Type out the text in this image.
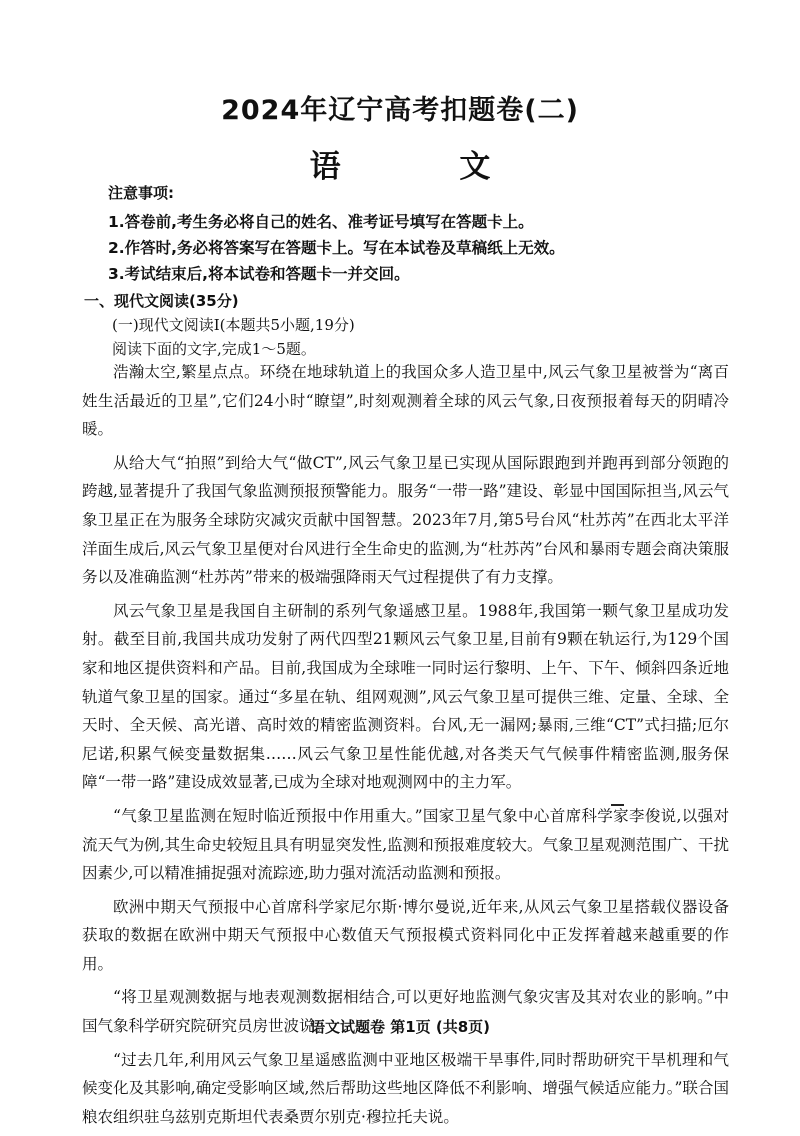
2024年辽宁高考扣题卷(二)
语 文
注意事项:
1.答卷前,考生务必将自己的姓名、准考证号填写在答题卡上。
2.作答时,务必将答案写在答题卡上。写在本试卷及草稿纸上无效。
3.考试结束后,将本试卷和答题卡一并交回。
一、现代文阅读(35分)
(一)现代文阅读Ⅰ(本题共5小题,19分)
阅读下面的文字,完成1～5题。

浩瀚太空,繁星点点。环绕在地球轨道上的我国众多人造卫星中,风云气象卫星被誉为“离百姓生活最近的卫星”,它们24小时“瞭望”,时刻观测着全球的风云气象,日夜预报着每天的阴晴冷暖。

从给大气“拍照”到给大气“做CT”,风云气象卫星已实现从国际跟跑到并跑再到部分领跑的跨越,显著提升了我国气象监测预报预警能力。服务“一带一路”建设、彰显中国国际担当,风云气象卫星正在为服务全球防灾减灾贡献中国智慧。2023年7月,第5号台风“杜苏芮”在西北太平洋洋面生成后,风云气象卫星便对台风进行全生命史的监测,为“杜苏芮”台风和暴雨专题会商决策服务以及准确监测“杜苏芮”带来的极端强降雨天气过程提供了有力支撑。

风云气象卫星是我国自主研制的系列气象遥感卫星。1988年,我国第一颗气象卫星成功发射。截至目前,我国共成功发射了两代四型21颗风云气象卫星,目前有9颗在轨运行,为129个国家和地区提供资料和产品。目前,我国成为全球唯一同时运行黎明、上午、下午、倾斜四条近地轨道气象卫星的国家。通过“多星在轨、组网观测”,风云气象卫星可提供三维、定量、全球、全天时、全天候、高光谱、高时效的精密监测资料。台风,无一漏网;暴雨,三维“CT”式扫描;厄尔尼诺,积累气候变量数据集……风云气象卫星性能优越,对各类天气气候事件精密监测,服务保障“一带一路”建设成效显著,已成为全球对地观测网中的主力军。

“气象卫星监测在短时临近预报中作用重大。”国家卫星气象中心首席科学家李俊说,以强对流天气为例,其生命史较短且具有明显突发性,监测和预报难度较大。气象卫星观测范围广、干扰因素少,可以精准捕捉强对流踪迹,助力强对流活动监测和预报。

欧洲中期天气预报中心首席科学家尼尔斯·博尔曼说,近年来,从风云气象卫星搭载仪器设备获取的数据在欧洲中期天气预报中心数值天气预报模式资料同化中正发挥着越来越重要的作用。

“将卫星观测数据与地表观测数据相结合,可以更好地监测气象灾害及其对农业的影响。”中国气象科学研究院研究员房世波说。

“过去几年,利用风云气象卫星遥感监测中亚地区极端干旱事件,同时帮助研究干旱机理和气候变化及其影响,确定受影响区域,然后帮助这些地区降低不利影响、增强气候适应能力。”联合国粮农组织驻乌兹别克斯坦代表桑贾尔别克·穆拉托夫说。

语文试题卷 第1页 (共8页)
